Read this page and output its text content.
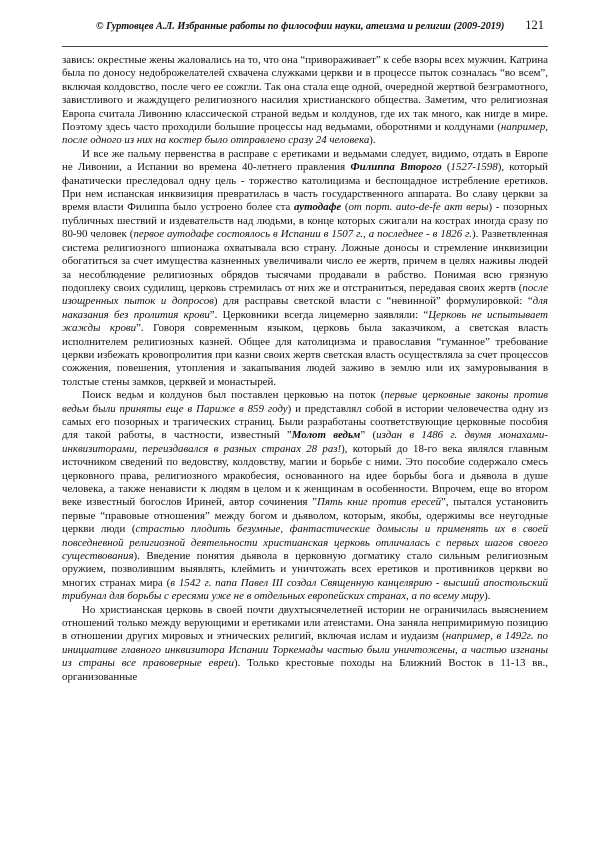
© Гуртовцев А.Л. Избранные работы по философии науки, атеизма и религии (2009-2019) 121

завись: окрестные жены жаловались на то, что она “привораживает” к себе взоры всех мужчин. Катрина была по доносу недоброжелателей схвачена служками церкви и в процессе пыток созналась “во всем”, включая колдовство, после чего ее сожгли. Так она стала еще одной, очередной жертвой безграмотного, завистливого и жаждущего религиозного насилия христианского общества. Заметим, что религиозная Европа считала Ливонию классической страной ведьм и колдунов, где их так много, как нигде в мире. Поэтому здесь часто проходили большие процессы над ведьмами, оборотнями и колдунами (например, после одного из них на костер было отправлено сразу 24 человека).

И все же пальму первенства в расправе с еретиками и ведьмами следует, видимо, отдать в Европе не Ливонии, а Испании во времена 40-летнего правления Филиппа Второго (1527-1598), который фанатически преследовал одну цель - торжество католицизма и беспощадное истребление еретиков. При нем испанская инквизиция превратилась в часть государственного аппарата. Во славу церкви за время власти Филиппа было устроено более ста аутодафе (от порт. auto-de-fe акт веры) - позорных публичных шествий и издевательств над людьми, в конце которых сжигали на кострах иногда сразу по 80-90 человек (первое аутодафе состоялось в Испании в 1507 г., а последнее - в 1826 г.). Разветвленная система религиозного шпионажа охватывала всю страну. Ложные доносы и стремление инквизиции обогатиться за счет имущества казненных увеличивали число ее жертв, причем в целях наживы людей за несоблюдение религиозных обрядов тысячами продавали в рабство. Понимая всю грязную подоплеку своих судилищ, церковь стремилась от них же и отстраниться, передавая своих жертв (после изощренных пыток и допросов) для расправы светской власти с “невинной” формулировкой: “для наказания без пролития крови”. Церковники всегда лицемерно заявляли: “Церковь не испытывает жажды крови”. Говоря современным языком, церковь была заказчиком, а светская власть исполнителем религиозных казней. Общее для католицизма и православия “гуманное” требование церкви избежать кровопролития при казни своих жертв светская власть осуществляла за счет процессов сожжения, повешения, утопления и закапывания людей заживо в землю или их замуровывания в толстые стены замков, церквей и монастырей.

Поиск ведьм и колдунов был поставлен церковью на поток (первые церковные законы против ведьм были приняты еще в Париже в 859 году) и представлял собой в истории человечества одну из самых его позорных и трагических страниц. Были разработаны соответствующие церковные пособия для такой работы, в частности, известный ”Молот ведьм” (издан в 1486 г. двумя монахами-инквизиторами, переиздавался в разных странах 28 раз!), который до 18-го века являлся главным источником сведений по ведовству, колдовству, магии и борьбе с ними. Это пособие содержало смесь церковного права, религиозного мракобесия, основанного на идее борьбы бога и дьявола в душе человека, а также ненависти к людям в целом и к женщинам в особенности. Впрочем, еще во втором веке известный богослов Ириней, автор сочинения ”Пять книг против ересей”, пытался установить первые “правовые отношения” между богом и дьяволом, которым, якобы, одержимы все неугодные церкви люди (страстью плодить безумные, фантастические домыслы и применять их в своей повседневной религиозной деятельности христианская церковь отличалась с первых шагов своего существования). Введение понятия дьявола в церковную догматику стало сильным религиозным оружием, позволившим выявлять, клеймить и уничтожать всех еретиков и противников церкви во многих странах мира (в 1542 г. папа Павел III создал Священную канцелярию - высший апостольский трибунал для борьбы с ересями уже не в отдельных европейских странах, а по всему миру).

Но христианская церковь в своей почти двухтысячелетней истории не ограничилась выяснением отношений только между верующими и еретиками или атеистами. Она заняла непримиримую позицию в отношении других мировых и этнических религий, включая ислам и иудаизм (например, в 1492г. по инициативе главного инквизитора Испании Торкемады частью были уничтожены, а частью изгнаны из страны все правоверные евреи). Только крестовые походы на Ближний Восток в 11-13 вв., организованные
